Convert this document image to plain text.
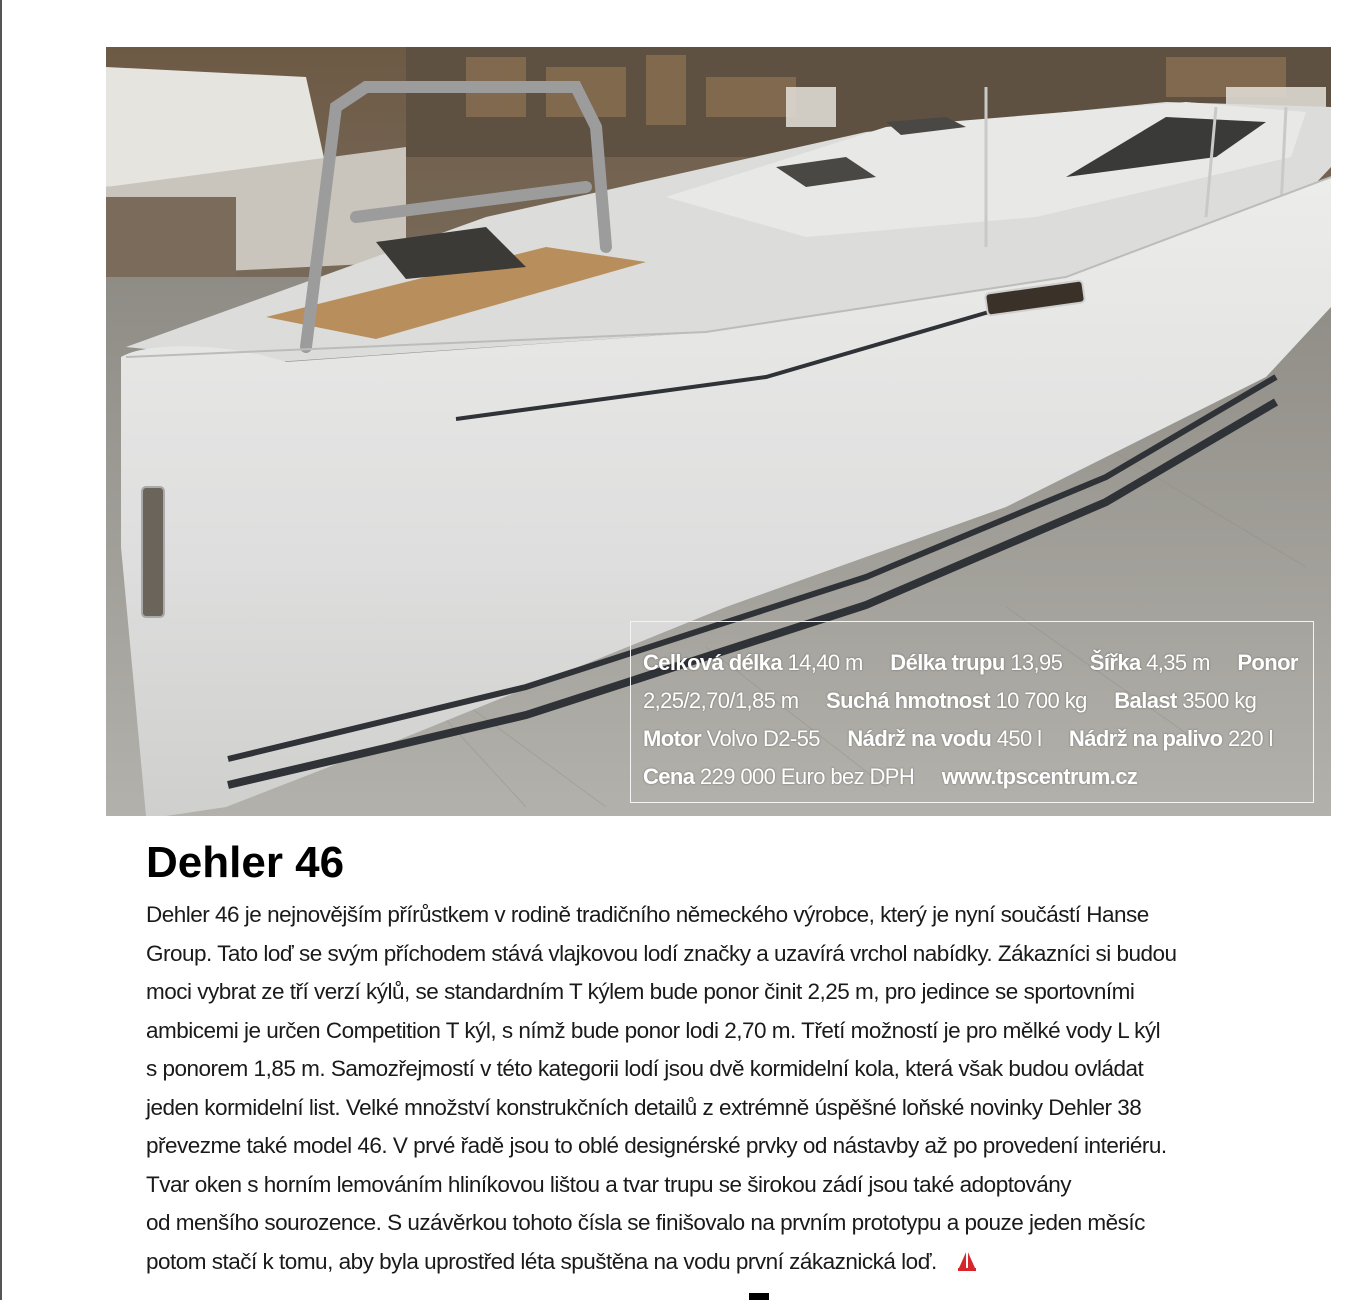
Celková délka 14,40 m Délka trupu 13,95 Šířka 4,35 m Ponor
2,25/2,70/1,85 m Suchá hmotnost 10 700 kg Balast 3500 kg
Motor Volvo D2-55 Nádrž na vodu 450 l Nádrž na palivo 220 l
Cena 229 000 Euro bez DPH www.tpscentrum.cz
Dehler 46
Dehler 46 je nejnovějším přírůstkem v rodině tradičního německého výrobce, který je nyní součástí Hanse
Group. Tato loď se svým příchodem stává vlajkovou lodí značky a uzavírá vrchol nabídky. Zákazníci si budou
moci vybrat ze tří verzí kýlů, se standardním T kýlem bude ponor činit 2,25 m, pro jedince se sportovními
ambicemi je určen Competition T kýl, s nímž bude ponor lodi 2,70 m. Třetí možností je pro mělké vody L kýl
s ponorem 1,85 m. Samozřejmostí v této kategorii lodí jsou dvě kormidelní kola, která však budou ovládat
jeden kormidelní list. Velké množství konstrukčních detailů z extrémně úspěšné loňské novinky Dehler 38
převezme také model 46. V prvé řadě jsou to oblé designérské prvky od nástavby až po provedení interiéru.
Tvar oken s horním lemováním hliníkovou lištou a tvar trupu se širokou zádí jsou také adoptovány
od menšího sourozence. S uzávěrkou tohoto čísla se finišovalo na prvním prototypu a pouze jeden měsíc
potom stačí k tomu, aby byla uprostřed léta spuštěna na vodu první zákaznická loď.
